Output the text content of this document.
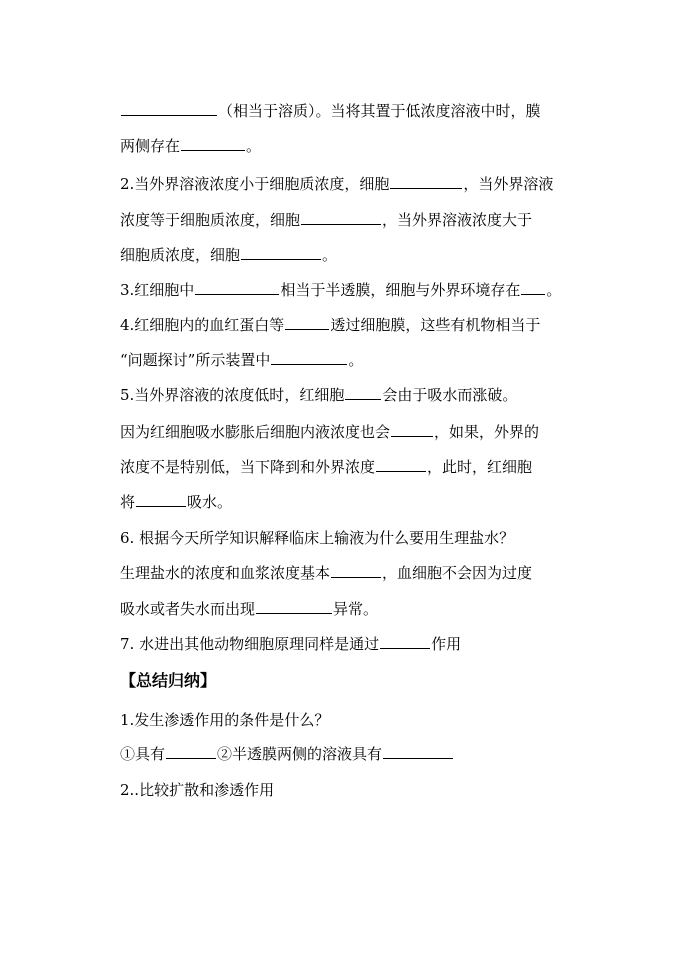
（相当于溶质）。当将其置于低浓度溶液中时，膜
两侧存在	。
2.当外界溶液浓度小于细胞质浓度，细胞	，当外界溶液
浓度等于细胞质浓度，细胞	，当外界溶液浓度大于
细胞质浓度，细胞	。
3.红细胞中	相当于半透膜，细胞与外界环境存在 。
4.红细胞内的血红蛋白等	透过细胞膜，这些有机物相当于
“问题探讨”所示装置中	。
5.当外界溶液的浓度低时，红细胞	会由于吸水而涨破。
因为红细胞吸水膨胀后细胞内液浓度也会	，如果，外界的
浓度不是特别低，当下降到和外界浓度	，此时，红细胞
将	吸水。
6. 根据今天所学知识解释临床上输液为什么要用生理盐水？
生理盐水的浓度和血浆浓度基本	，血细胞不会因为过度
吸水或者失水而出现	异常。
7. 水进出其他动物细胞原理同样是通过	作用
【总结归纳】
1.发生渗透作用的条件是什么？
①具有	②半透膜两侧的溶液具有
2..比较扩散和渗透作用
